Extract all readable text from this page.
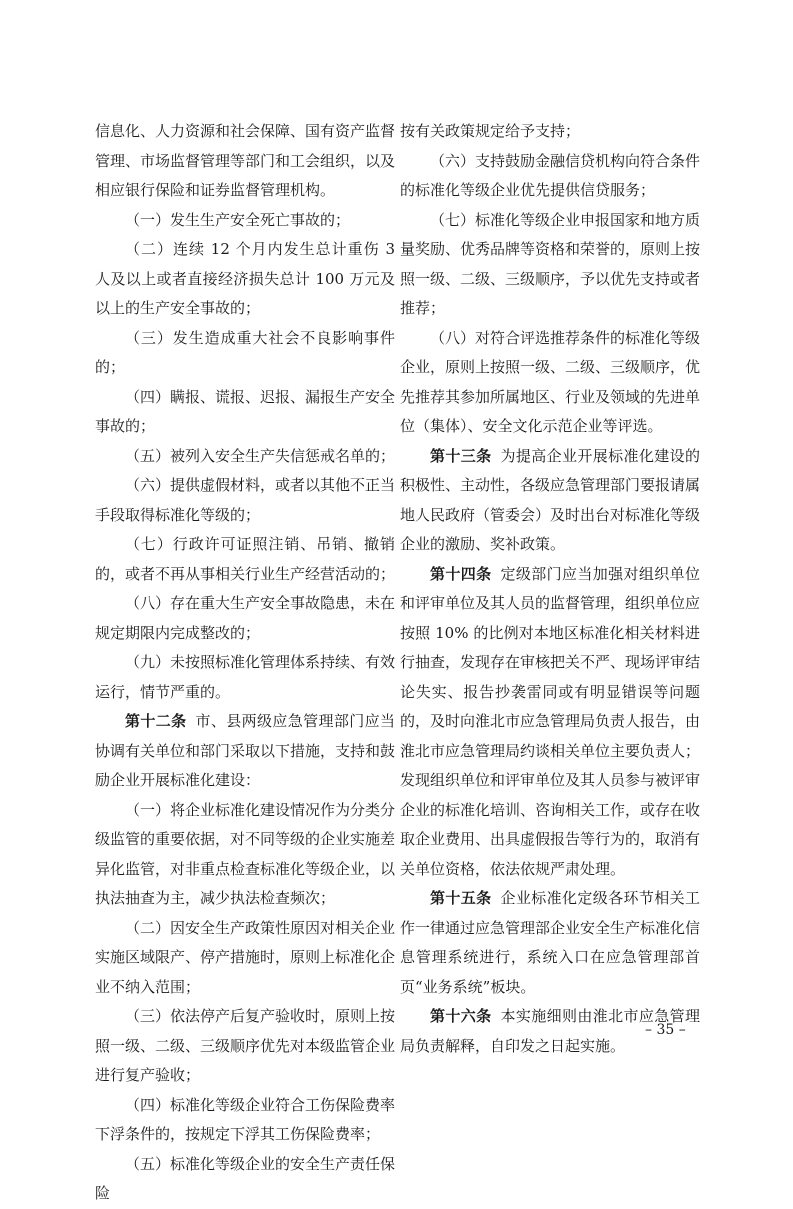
信息化、人力资源和社会保障、国有资产监督管理、市场监督管理等部门和工会组织，以及相应银行保险和证券监督管理机构。

（一）发生生产安全死亡事故的；

（二）连续 12 个月内发生总计重伤 3 人及以上或者直接经济损失总计 100 万元及以上的生产安全事故的；

（三）发生造成重大社会不良影响事件的；

（四）瞒报、谎报、迟报、漏报生产安全事故的；

（五）被列入安全生产失信惩戒名单的；

（六）提供虚假材料，或者以其他不正当手段取得标准化等级的；

（七）行政许可证照注销、吊销、撤销的，或者不再从事相关行业生产经营活动的；

（八）存在重大生产安全事故隐患，未在规定期限内完成整改的；

（九）未按照标准化管理体系持续、有效运行，情节严重的。

第十二条 市、县两级应急管理部门应当协调有关单位和部门采取以下措施，支持和鼓励企业开展标准化建设：

（一）将企业标准化建设情况作为分类分级监管的重要依据，对不同等级的企业实施差异化监管，对非重点检查标准化等级企业，以执法抽查为主，减少执法检查频次；

（二）因安全生产政策性原因对相关企业实施区域限产、停产措施时，原则上标准化企业不纳入范围；

（三）依法停产后复产验收时，原则上按照一级、二级、三级顺序优先对本级监管企业进行复产验收；

（四）标准化等级企业符合工伤保险费率下浮条件的，按规定下浮其工伤保险费率；

（五）标准化等级企业的安全生产责任保险

按有关政策规定给予支持；

（六）支持鼓励金融信贷机构向符合条件的标准化等级企业优先提供信贷服务；

（七）标准化等级企业申报国家和地方质量奖励、优秀品牌等资格和荣誉的，原则上按照一级、二级、三级顺序，予以优先支持或者推荐；

（八）对符合评选推荐条件的标准化等级企业，原则上按照一级、二级、三级顺序，优先推荐其参加所属地区、行业及领域的先进单位（集体）、安全文化示范企业等评选。

第十三条 为提高企业开展标准化建设的积极性、主动性，各级应急管理部门要报请属地人民政府（管委会）及时出台对标准化等级企业的激励、奖补政策。

第十四条 定级部门应当加强对组织单位和评审单位及其人员的监督管理，组织单位应按照 10% 的比例对本地区标准化相关材料进行抽查，发现存在审核把关不严、现场评审结论失实、报告抄袭雷同或有明显错误等问题的，及时向淮北市应急管理局负责人报告，由淮北市应急管理局约谈相关单位主要负责人；发现组织单位和评审单位及其人员参与被评审企业的标准化培训、咨询相关工作，或存在收取企业费用、出具虚假报告等行为的，取消有关单位资格，依法依规严肃处理。

第十五条 企业标准化定级各环节相关工作一律通过应急管理部企业安全生产标准化信息管理系统进行，系统入口在应急管理部首页“业务系统”板块。

第十六条 本实施细则由淮北市应急管理局负责解释，自印发之日起实施。

– 35 –
